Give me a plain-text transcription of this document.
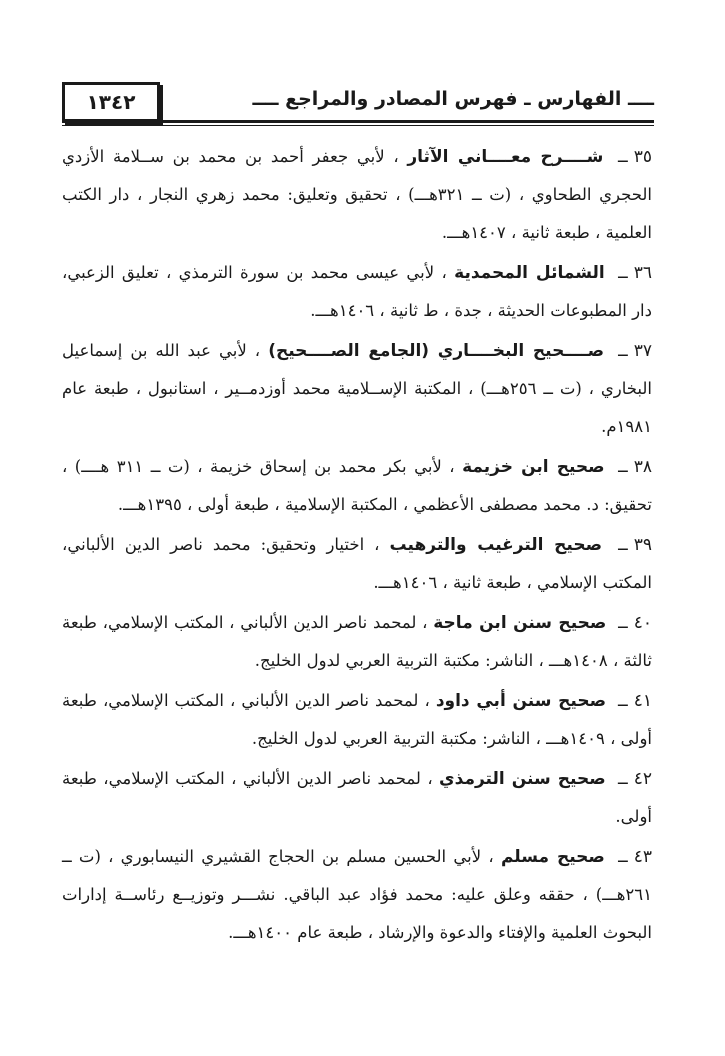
١٣٤٢	ــــ الفهارس ـ فهرس المصادر والمراجع ــــ

٣٥ــ شــــرح معــــاني الآثار ، لأبي جعفر أحمد بن محمد بن ســلامة الأزدي الحجري الطحاوي ، (ت ــ ٣٢١هـــ) ، تحقيق وتعليق: محمد زهري النجار ، دار الكتب العلمية ، طبعة ثانية ، ١٤٠٧هـــ.

٣٦ــ الشمائل المحمدية ، لأبي عيسى محمد بن سورة الترمذي ، تعليق الزعبي، دار المطبوعات الحديثة ، جدة ، ط ثانية ، ١٤٠٦هـــ.

٣٧ــ صــــحيح البخــــاري (الجامع الصــــحيح) ، لأبي عبد الله بن إسماعيل البخاري ، (ت ــ ٢٥٦هـــ) ، المكتبة الإســلامية محمد أوزدمــير ، استانبول ، طبعة عام ١٩٨١م.

٣٨ــ صحيح ابن خزيمة ، لأبي بكر محمد بن إسحاق خزيمة ، (ت ــ ٣١١ هــــ) ، تحقيق: د. محمد مصطفى الأعظمي ، المكتبة الإسلامية ، طبعة أولى ، ١٣٩٥هـــ.

٣٩ــ صحيح الترغيب والترهيب ، اختيار وتحقيق: محمد ناصر الدين الألباني، المكتب الإسلامي ، طبعة ثانية ، ١٤٠٦هـــ.

٤٠ــ صحيح سنن ابن ماجة ، لمحمد ناصر الدين الألباني ، المكتب الإسلامي، طبعة ثالثة ، ١٤٠٨هـــ ، الناشر: مكتبة التربية العربي لدول الخليج.

٤١ــ صحيح سنن أبي داود ، لمحمد ناصر الدين الألباني ، المكتب الإسلامي، طبعة أولى ، ١٤٠٩هـــ ، الناشر: مكتبة التربية العربي لدول الخليج.

٤٢ــ صحيح سنن الترمذي ، لمحمد ناصر الدين الألباني ، المكتب الإسلامي، طبعة أولى.

٤٣ــ صحيح مسلم ، لأبي الحسين مسلم بن الحجاج القشيري النيسابوري ، (ت ــ ٢٦١هـــ) ، حققه وعلق عليه: محمد فؤاد عبد الباقي. نشـــر وتوزيــع رئاســة إدارات البحوث العلمية والإفتاء والدعوة والإرشاد ، طبعة عام ١٤٠٠هـــ.
